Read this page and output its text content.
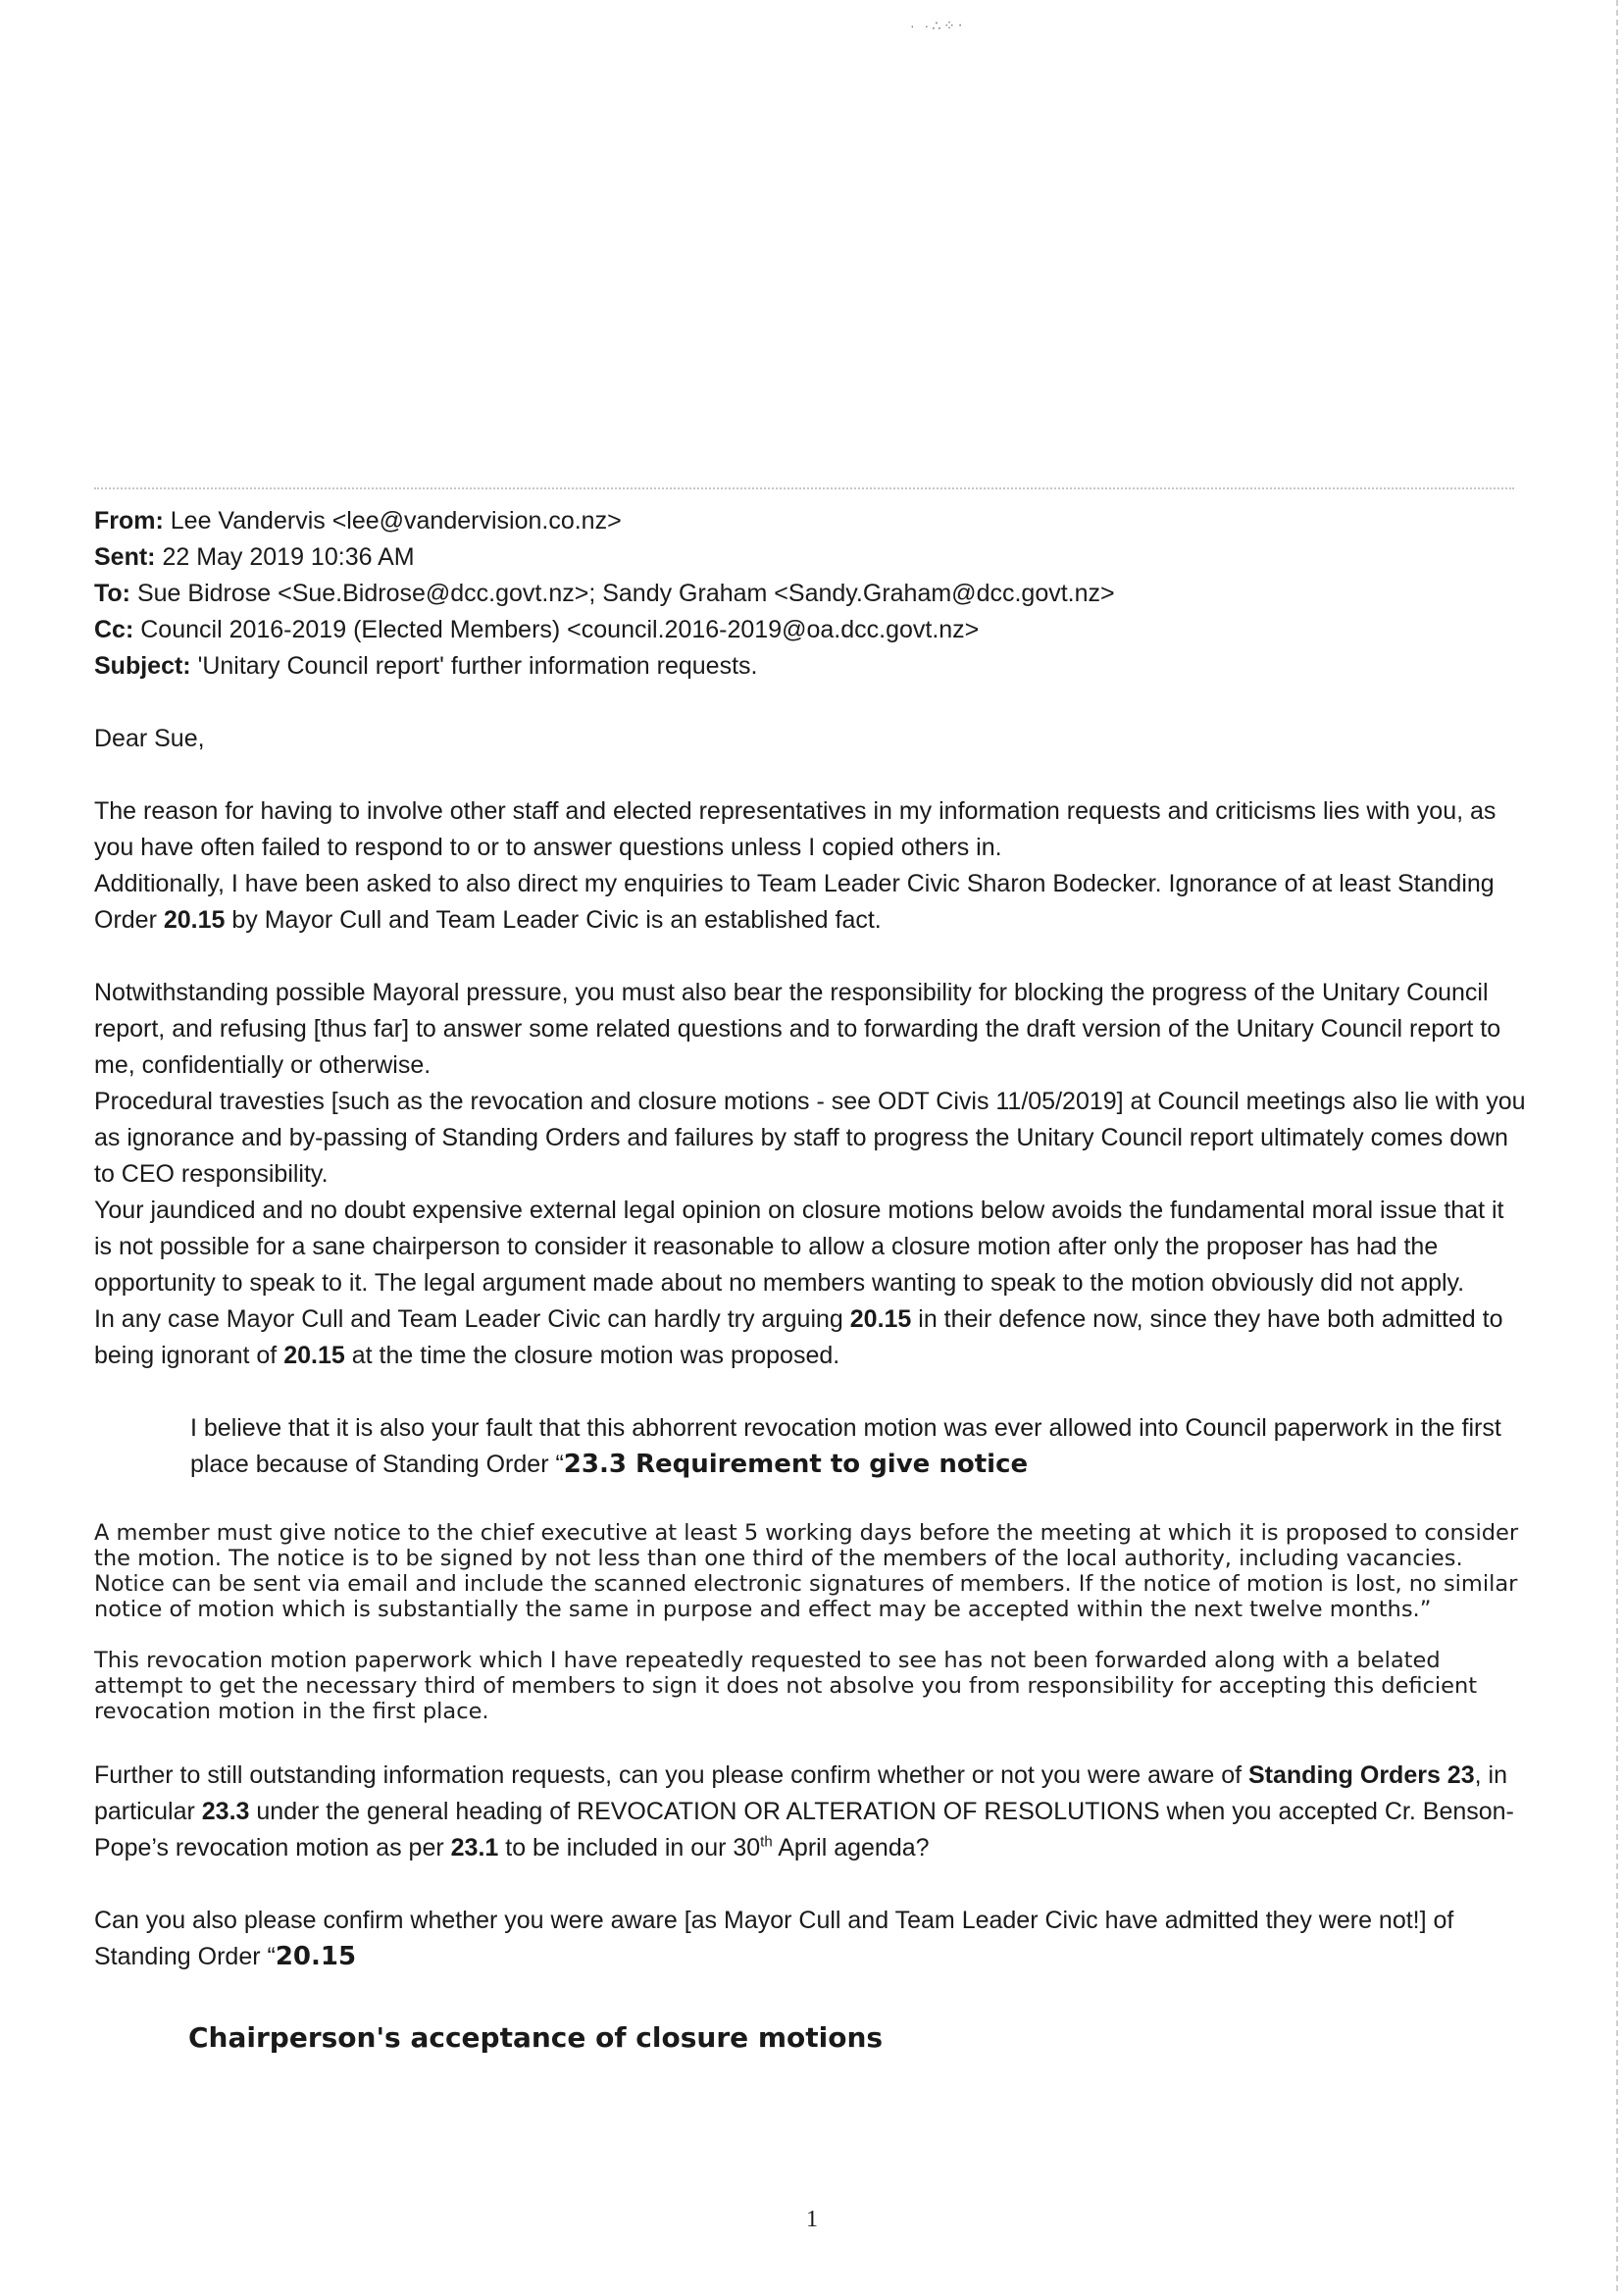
· ·∴⁘‧
From: Lee Vandervis <lee@vandervision.co.nz>
Sent: 22 May 2019 10:36 AM
To: Sue Bidrose <Sue.Bidrose@dcc.govt.nz>; Sandy Graham <Sandy.Graham@dcc.govt.nz>
Cc: Council 2016-2019 (Elected Members) <council.2016-2019@oa.dcc.govt.nz>
Subject: 'Unitary Council report' further information requests.

Dear Sue,

The reason for having to involve other staff and elected representatives in my information requests and criticisms lies with you, as you have often failed to respond to or to answer questions unless I copied others in.

Additionally, I have been asked to also direct my enquiries to Team Leader Civic Sharon Bodecker. Ignorance of at least Standing Order 20.15 by Mayor Cull and Team Leader Civic is an established fact.

Notwithstanding possible Mayoral pressure, you must also bear the responsibility for blocking the progress of the Unitary Council report, and refusing [thus far] to answer some related questions and to forwarding the draft version of the Unitary Council report to me, confidentially or otherwise.

Procedural travesties [such as the revocation and closure motions - see ODT Civis 11/05/2019] at Council meetings also lie with you as ignorance and by-passing of Standing Orders and failures by staff to progress the Unitary Council report ultimately comes down to CEO responsibility.

Your jaundiced and no doubt expensive external legal opinion on closure motions below avoids the fundamental moral issue that it is not possible for a sane chairperson to consider it reasonable to allow a closure motion after only the proposer has had the opportunity to speak to it. The legal argument made about no members wanting to speak to the motion obviously did not apply.

In any case Mayor Cull and Team Leader Civic can hardly try arguing 20.15 in their defence now, since they have both admitted to being ignorant of 20.15 at the time the closure motion was proposed.

I believe that it is also your fault that this abhorrent revocation motion was ever allowed into Council paperwork in the first place because of Standing Order “23.3 Requirement to give notice

A member must give notice to the chief executive at least 5 working days before the meeting at which it is proposed to consider the motion. The notice is to be signed by not less than one third of the members of the local authority, including vacancies. Notice can be sent via email and include the scanned electronic signatures of members. If the notice of motion is lost, no similar notice of motion which is substantially the same in purpose and effect may be accepted within the next twelve months.”

This revocation motion paperwork which I have repeatedly requested to see has not been forwarded along with a belated attempt to get the necessary third of members to sign it does not absolve you from responsibility for accepting this deficient revocation motion in the first place.

Further to still outstanding information requests, can you please confirm whether or not you were aware of Standing Orders 23, in particular 23.3 under the general heading of REVOCATION OR ALTERATION OF RESOLUTIONS when you accepted Cr. Benson-Pope’s revocation motion as per 23.1 to be included in our 30th April agenda?

Can you also please confirm whether you were aware [as Mayor Cull and Team Leader Civic have admitted they were not!] of Standing Order “20.15

Chairperson's acceptance of closure motions

1
